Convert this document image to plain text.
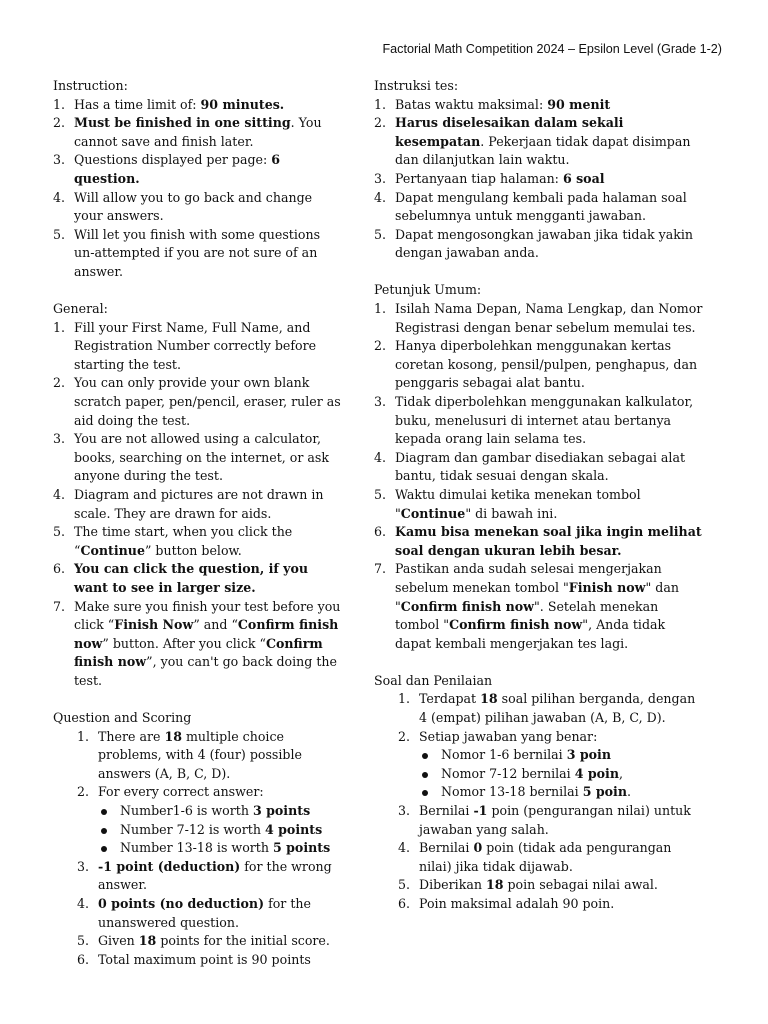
Factorial Math Competition 2024 – Epsilon Level (Grade 1-2)
Instruction:
1. Has a time limit of: 90 minutes.
2. Must be finished in one sitting. You cannot save and finish later.
3. Questions displayed per page: 6 question.
4. Will allow you to go back and change your answers.
5. Will let you finish with some questions un-attempted if you are not sure of an answer.
General:
1. Fill your First Name, Full Name, and Registration Number correctly before starting the test.
2. You can only provide your own blank scratch paper, pen/pencil, eraser, ruler as aid doing the test.
3. You are not allowed using a calculator, books, searching on the internet, or ask anyone during the test.
4. Diagram and pictures are not drawn in scale. They are drawn for aids.
5. The time start, when you click the “Continue” button below.
6. You can click the question, if you want to see in larger size.
7. Make sure you finish your test before you click “Finish Now” and “Confirm finish now” button. After you click “Confirm finish now”, you can't go back doing the test.
Question and Scoring
1. There are 18 multiple choice problems, with 4 (four) possible answers (A, B, C, D).
2. For every correct answer:
Number1-6 is worth 3 points
Number 7-12 is worth 4 points
Number 13-18 is worth 5 points
3. -1 point (deduction) for the wrong answer.
4. 0 points (no deduction) for the unanswered question.
5. Given 18 points for the initial score.
6. Total maximum point is 90 points
Instruksi tes:
1. Batas waktu maksimal: 90 menit
2. Harus diselesaikan dalam sekali kesempatan. Pekerjaan tidak dapat disimpan dan dilanjutkan lain waktu.
3. Pertanyaan tiap halaman: 6 soal
4. Dapat mengulang kembali pada halaman soal sebelumnya untuk mengganti jawaban.
5. Dapat mengosongkan jawaban jika tidak yakin dengan jawaban anda.
Petunjuk Umum:
1. Isilah Nama Depan, Nama Lengkap, dan Nomor Registrasi dengan benar sebelum memulai tes.
2. Hanya diperbolehkan menggunakan kertas coretan kosong, pensil/pulpen, penghapus, dan penggaris sebagai alat bantu.
3. Tidak diperbolehkan menggunakan kalkulator, buku, menelusuri di internet atau bertanya kepada orang lain selama tes.
4. Diagram dan gambar disediakan sebagai alat bantu, tidak sesuai dengan skala.
5. Waktu dimulai ketika menekan tombol "Continue" di bawah ini.
6. Kamu bisa menekan soal jika ingin melihat soal dengan ukuran lebih besar.
7. Pastikan anda sudah selesai mengerjakan sebelum menekan tombol "Finish now" dan "Confirm finish now". Setelah menekan tombol "Confirm finish now", Anda tidak dapat kembali mengerjakan tes lagi.
Soal dan Penilaian
1. Terdapat 18 soal pilihan berganda, dengan 4 (empat) pilihan jawaban (A, B, C, D).
2. Setiap jawaban yang benar:
Nomor 1-6 bernilai 3 poin
Nomor 7-12 bernilai 4 poin,
Nomor 13-18 bernilai 5 poin.
3. Bernilai -1 poin (pengurangan nilai) untuk jawaban yang salah.
4. Bernilai 0 poin (tidak ada pengurangan nilai) jika tidak dijawab.
5. Diberikan 18 poin sebagai nilai awal.
6. Poin maksimal adalah 90 poin.
